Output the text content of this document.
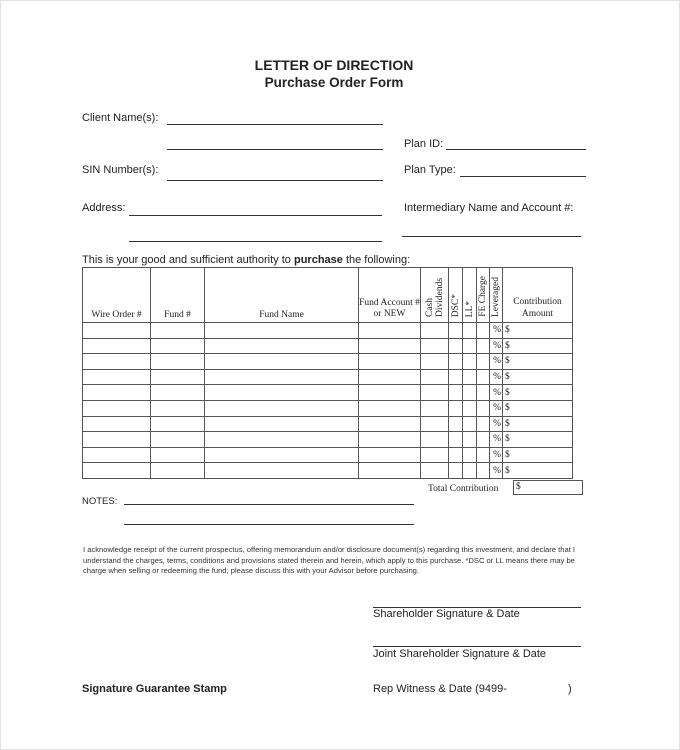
LETTER OF DIRECTION
Purchase Order Form
Client Name(s):
Plan ID:
SIN Number(s):	Plan Type:
Address:	Intermediary Name and Account #:
This is your good and sufficient authority to purchase the following:
Wire Order #	Fund #	Fund Name	Fund Account # or NEW	Cash Dividends	DSC*	LL*	FE Charge	Leveraged	Contribution Amount
								%	$
								%	$
								%	$
								%	$
								%	$
								%	$
								%	$
								%	$
								%	$
								%	$
Total Contribution	$
NOTES:
I acknowledge receipt of the current prospectus, offering memorandum and/or disclosure document(s) regarding this investment, and declare that I understand the charges, terms, conditions and provisions stated therein and herein, which apply to this purchase. *DSC or LL means there may be charge when selling or redeeming the fund; please discuss this with your Advisor before purchasing.
Shareholder Signature & Date
Joint Shareholder Signature & Date
Signature Guarantee Stamp	Rep Witness & Date (9499-	)
